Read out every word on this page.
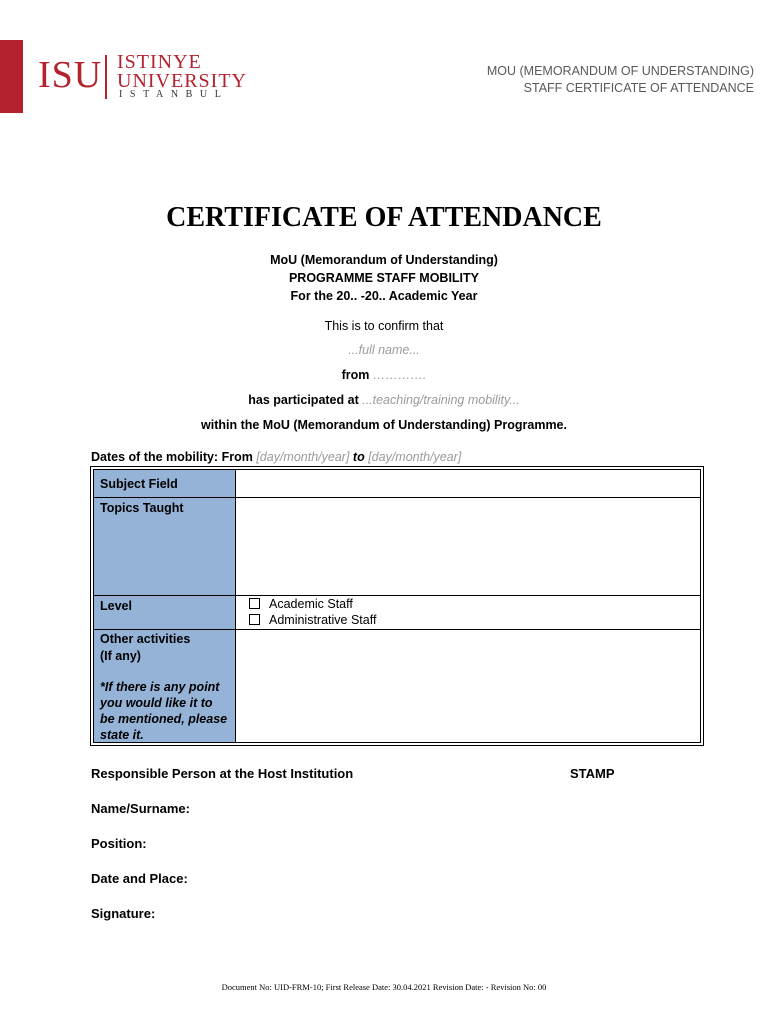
ISU ISTINYE
UNIVERSITY
ISTANBUL
MOU (MEMORANDUM OF UNDERSTANDING)
STAFF CERTIFICATE OF ATTENDANCE
CERTIFICATE OF ATTENDANCE
MoU (Memorandum of Understanding)
PROGRAMME STAFF MOBILITY
For the 20.. -20.. Academic Year
This is to confirm that
...full name...
from ………….
has participated at ...teaching/training mobility...
within the MoU (Memorandum of Understanding) Programme.
Dates of the mobility: From [day/month/year] to [day/month/year]
Subject Field
Topics Taught
Level	Academic Staff
Administrative Staff
Other activities
(If any)
*If there is any point you would like it to be mentioned, please state it.
Responsible Person at the Host Institution	STAMP
Name/Surname:
Position:
Date and Place:
Signature:
Document No: UID-FRM-10; First Release Date: 30.04.2021 Revision Date: - Revision No: 00
